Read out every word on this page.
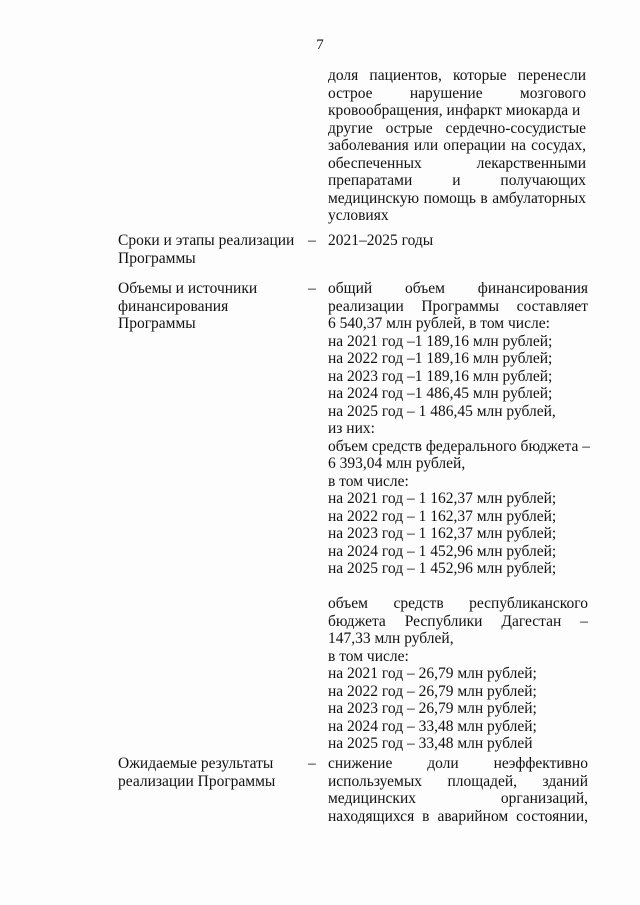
7
доля пациентов, которые перенесли
острое нарушение мозгового
кровообращения, инфаркт миокарда и
другие острые сердечно-сосудистые
заболевания или операции на сосудах,
обеспеченных лекарственными
препаратами и получающих
медицинскую помощь в амбулаторных
условиях
Сроки и этапы реализации
Программы
– 2021–2025 годы
Объемы и источники
финансирования
Программы
– общий объем финансирования
реализации Программы составляет
6 540,37 млн рублей, в том числе:
на 2021 год –1 189,16 млн рублей;
на 2022 год –1 189,16 млн рублей;
на 2023 год –1 189,16 млн рублей;
на 2024 год –1 486,45 млн рублей;
на 2025 год – 1 486,45 млн рублей,
из них:
объем средств федерального бюджета –
6 393,04 млн рублей,
в том числе:
на 2021 год – 1 162,37 млн рублей;
на 2022 год – 1 162,37 млн рублей;
на 2023 год – 1 162,37 млн рублей;
на 2024 год – 1 452,96 млн рублей;
на 2025 год – 1 452,96 млн рублей;
объем средств республиканского
бюджета Республики Дагестан –
147,33 млн рублей,
в том числе:
на 2021 год – 26,79 млн рублей;
на 2022 год – 26,79 млн рублей;
на 2023 год – 26,79 млн рублей;
на 2024 год – 33,48 млн рублей;
на 2025 год – 33,48 млн рублей
Ожидаемые результаты
реализации Программы
– снижение доли неэффективно
используемых площадей, зданий
медицинских организаций,
находящихся в аварийном состоянии,
